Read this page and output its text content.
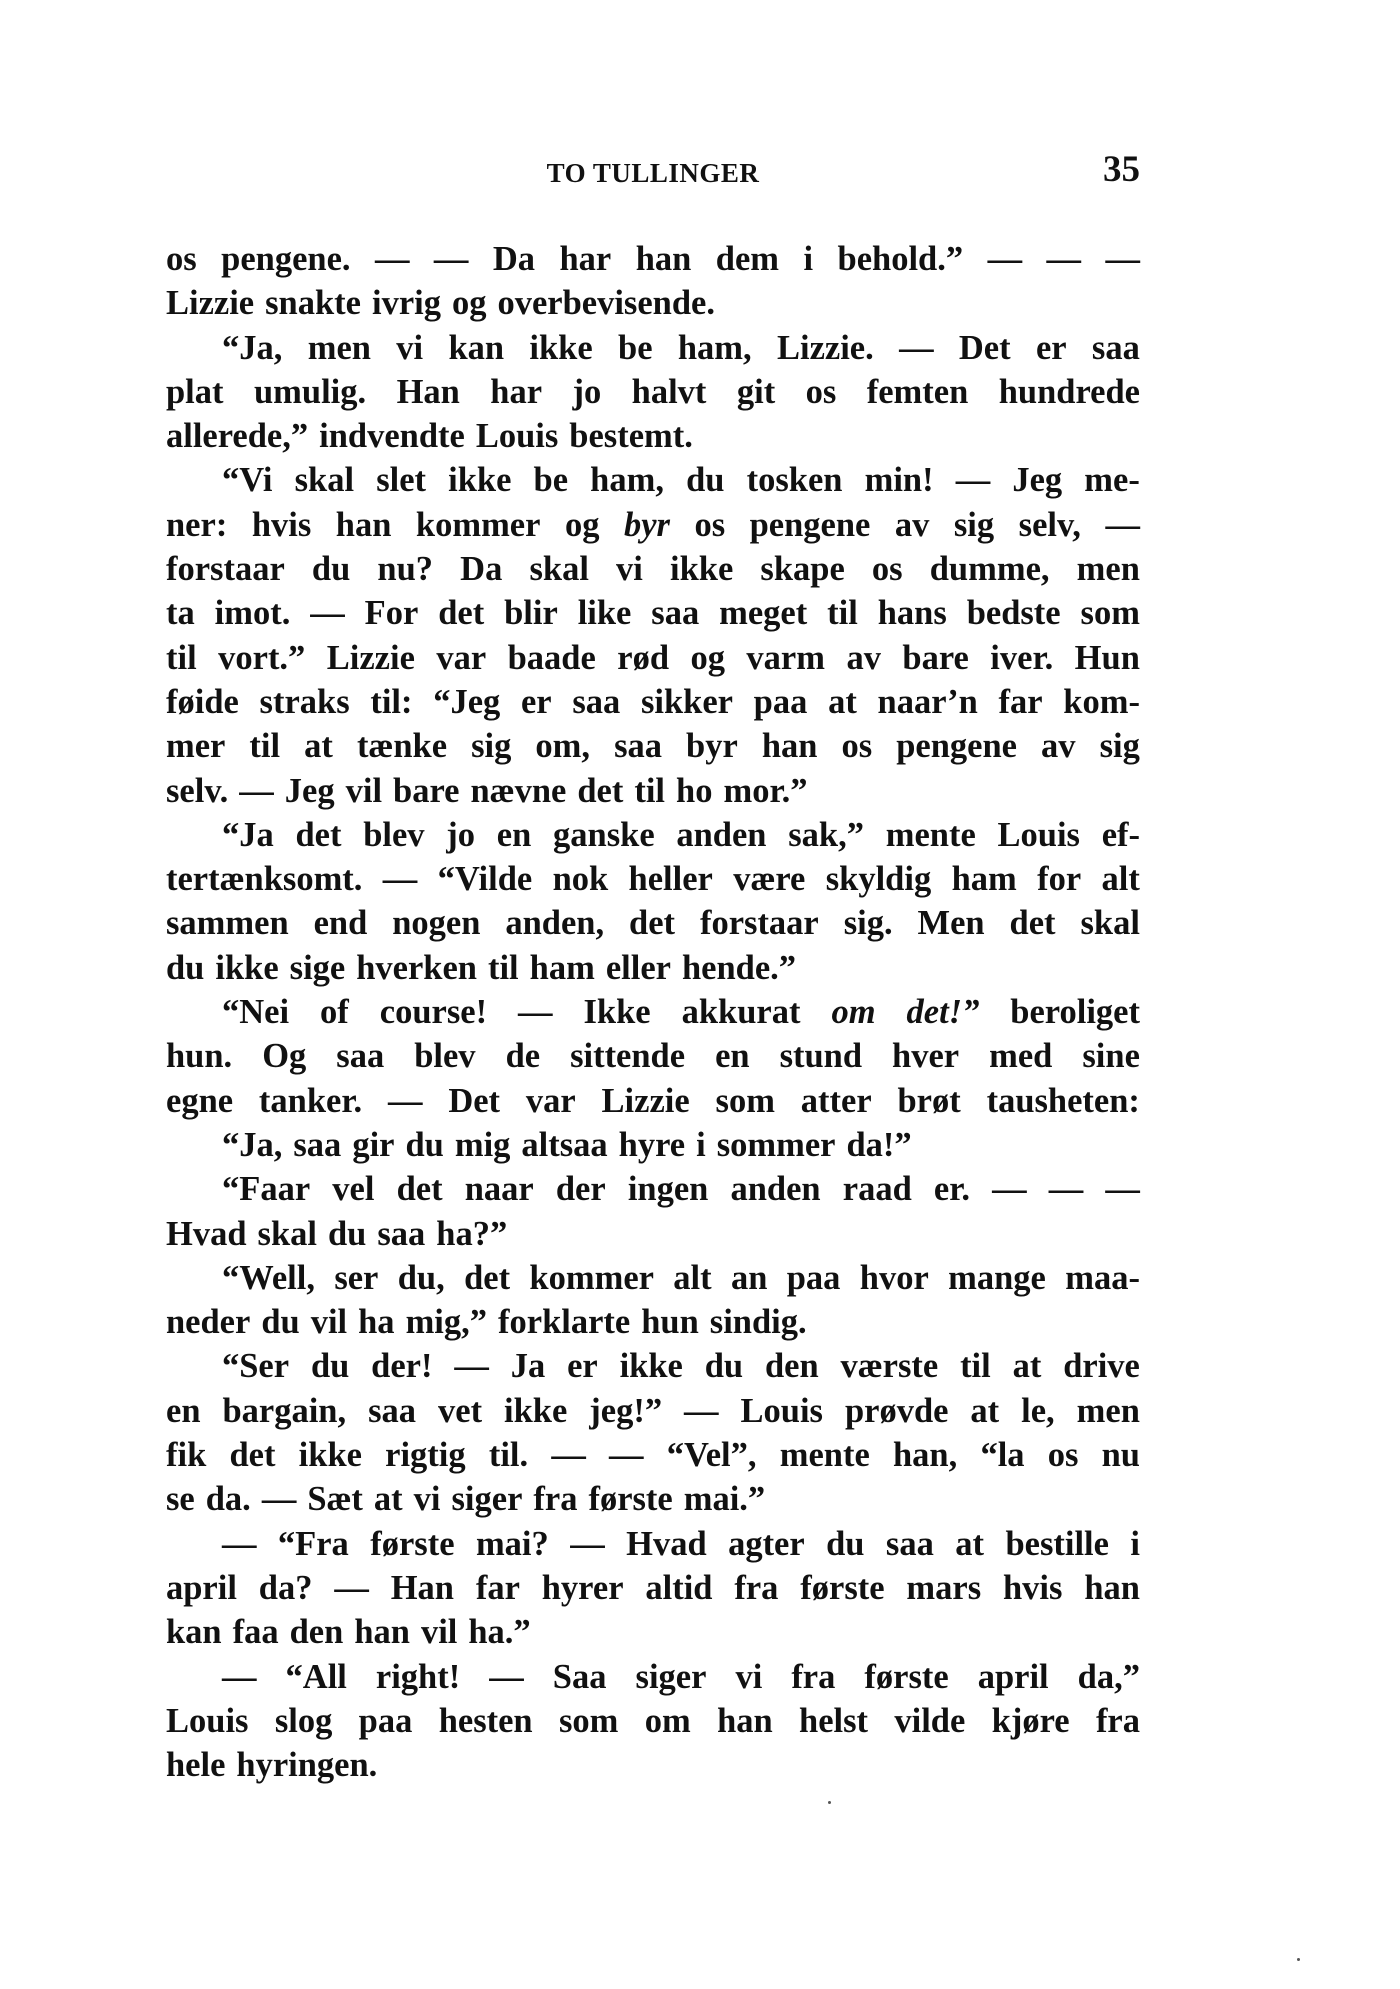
TO TULLINGER	35
os pengene. — — Da har han dem i behold.” — — —
Lizzie snakte ivrig og overbevisende.
“Ja, men vi kan ikke be ham, Lizzie. — Det er saa
plat umulig. Han har jo halvt git os femten hundrede
allerede,” indvendte Louis bestemt.
“Vi skal slet ikke be ham, du tosken min! — Jeg me-
ner: hvis han kommer og byr os pengene av sig selv, —
forstaar du nu? Da skal vi ikke skape os dumme, men
ta imot. — For det blir like saa meget til hans bedste som
til vort.” Lizzie var baade rød og varm av bare iver. Hun
føide straks til: “Jeg er saa sikker paa at naar’n far kom-
mer til at tænke sig om, saa byr han os pengene av sig
selv. — Jeg vil bare nævne det til ho mor.”
“Ja det blev jo en ganske anden sak,” mente Louis ef-
tertænksomt. — “Vilde nok heller være skyldig ham for alt
sammen end nogen anden, det forstaar sig. Men det skal
du ikke sige hverken til ham eller hende.”
“Nei of course! — Ikke akkurat om det!” beroliget
hun. Og saa blev de sittende en stund hver med sine
egne tanker. — Det var Lizzie som atter brøt tausheten:
“Ja, saa gir du mig altsaa hyre i sommer da!”
“Faar vel det naar der ingen anden raad er. — — —
Hvad skal du saa ha?”
“Well, ser du, det kommer alt an paa hvor mange maa-
neder du vil ha mig,” forklarte hun sindig.
“Ser du der! — Ja er ikke du den værste til at drive
en bargain, saa vet ikke jeg!” — Louis prøvde at le, men
fik det ikke rigtig til. — — “Vel”, mente han, “la os nu
se da. — Sæt at vi siger fra første mai.”
— “Fra første mai? — Hvad agter du saa at bestille i
april da? — Han far hyrer altid fra første mars hvis han
kan faa den han vil ha.”
— “All right! — Saa siger vi fra første april da,”
Louis slog paa hesten som om han helst vilde kjøre fra
hele hyringen.
